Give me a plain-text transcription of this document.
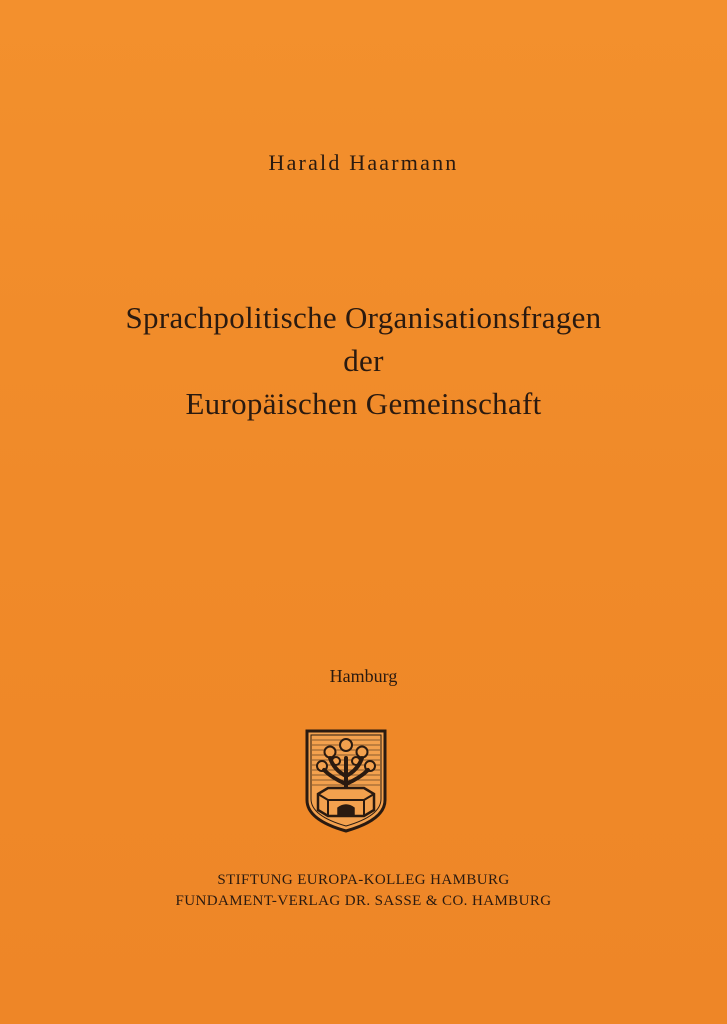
Harald Haarmann
Sprachpolitische Organisationsfragen
der
Europäischen Gemeinschaft
Hamburg
STIFTUNG EUROPA-KOLLEG HAMBURG
FUNDAMENT-VERLAG DR. SASSE & CO. HAMBURG
